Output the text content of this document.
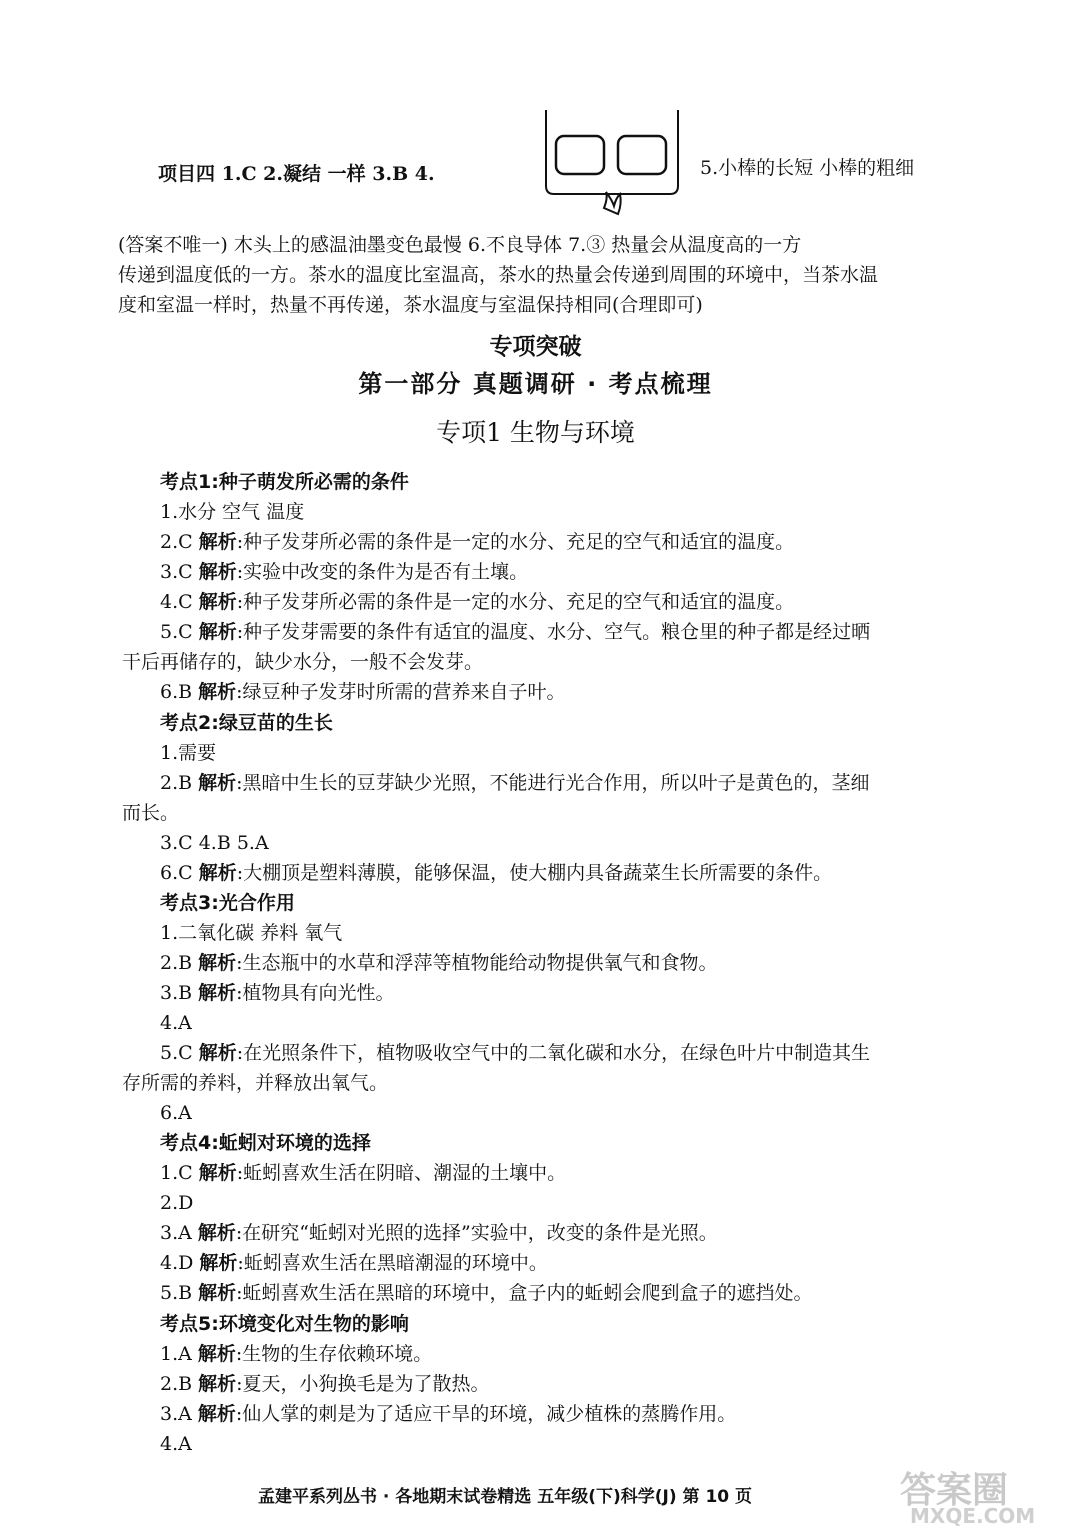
项目四 1.C 2.凝结 一样 3.B 4.	5.小棒的长短 小棒的粗细
(答案不唯一) 木头上的感温油墨变色最慢 6.不良导体 7.③ 热量会从温度高的一方
传递到温度低的一方。茶水的温度比室温高，茶水的热量会传递到周围的环境中，当茶水温
度和室温一样时，热量不再传递，茶水温度与室温保持相同(合理即可)
专项突破
第一部分 真题调研 · 考点梳理
专项1 生物与环境
考点1:种子萌发所必需的条件
1.水分 空气 温度
2.C 解析:种子发芽所必需的条件是一定的水分、充足的空气和适宜的温度。
3.C 解析:实验中改变的条件为是否有土壤。
4.C 解析:种子发芽所必需的条件是一定的水分、充足的空气和适宜的温度。
5.C 解析:种子发芽需要的条件有适宜的温度、水分、空气。粮仓里的种子都是经过晒
干后再储存的，缺少水分，一般不会发芽。
6.B 解析:绿豆种子发芽时所需的营养来自子叶。
考点2:绿豆苗的生长
1.需要
2.B 解析:黑暗中生长的豆芽缺少光照，不能进行光合作用，所以叶子是黄色的，茎细
而长。
3.C 4.B 5.A
6.C 解析:大棚顶是塑料薄膜，能够保温，使大棚内具备蔬菜生长所需要的条件。
考点3:光合作用
1.二氧化碳 养料 氧气
2.B 解析:生态瓶中的水草和浮萍等植物能给动物提供氧气和食物。
3.B 解析:植物具有向光性。
4.A
5.C 解析:在光照条件下，植物吸收空气中的二氧化碳和水分，在绿色叶片中制造其生
存所需的养料，并释放出氧气。
6.A
考点4:蚯蚓对环境的选择
1.C 解析:蚯蚓喜欢生活在阴暗、潮湿的土壤中。
2.D
3.A 解析:在研究“蚯蚓对光照的选择”实验中，改变的条件是光照。
4.D 解析:蚯蚓喜欢生活在黑暗潮湿的环境中。
5.B 解析:蚯蚓喜欢生活在黑暗的环境中，盒子内的蚯蚓会爬到盒子的遮挡处。
考点5:环境变化对生物的影响
1.A 解析:生物的生存依赖环境。
2.B 解析:夏天，小狗换毛是为了散热。
3.A 解析:仙人掌的刺是为了适应干旱的环境，减少植株的蒸腾作用。
4.A
孟建平系列丛书 · 各地期末试卷精选 五年级(下)科学(J) 第 10 页	答案圈
MXQE.COM
